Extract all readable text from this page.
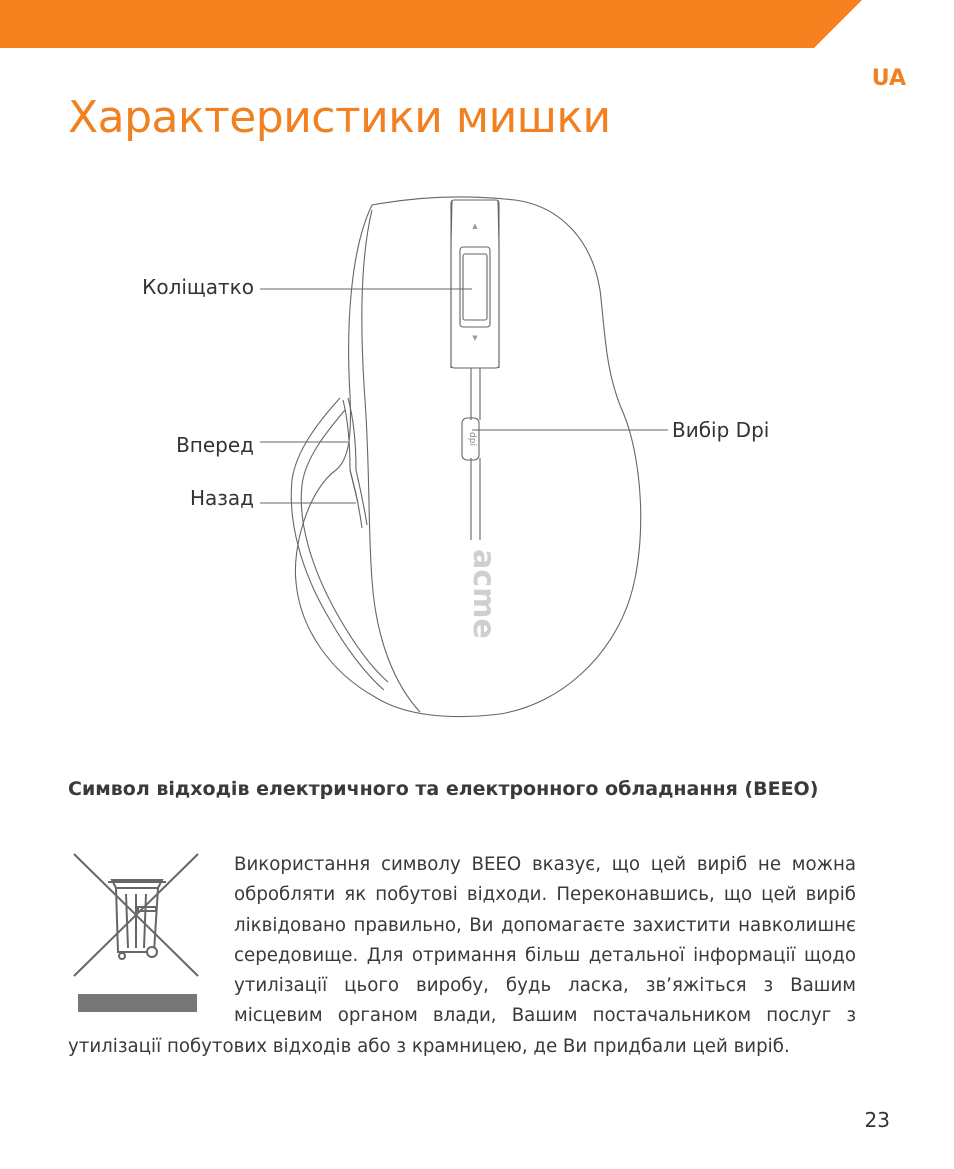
UA
Характеристики мишки
▲
▼
dpi
acme
Коліщатко
Вперед
Назад
Вибір Dpi
Символ відходів електричного та електронного обладнання (ВЕЕО)
Використання символу ВЕЕО вказує, що цей виріб не можна обробляти як побутові відходи. Переконавшись, що цей виріб ліквідовано правильно, Ви допомагаєте захистити навколишнє середовище. Для отримання більш детальної інформації щодо утилізації цього виробу, будь ласка, зв’яжіться з Вашим місцевим органом влади, Вашим постачальником послуг з утилізації побутових відходів або з крамницею, де Ви придбали цей виріб.
23
